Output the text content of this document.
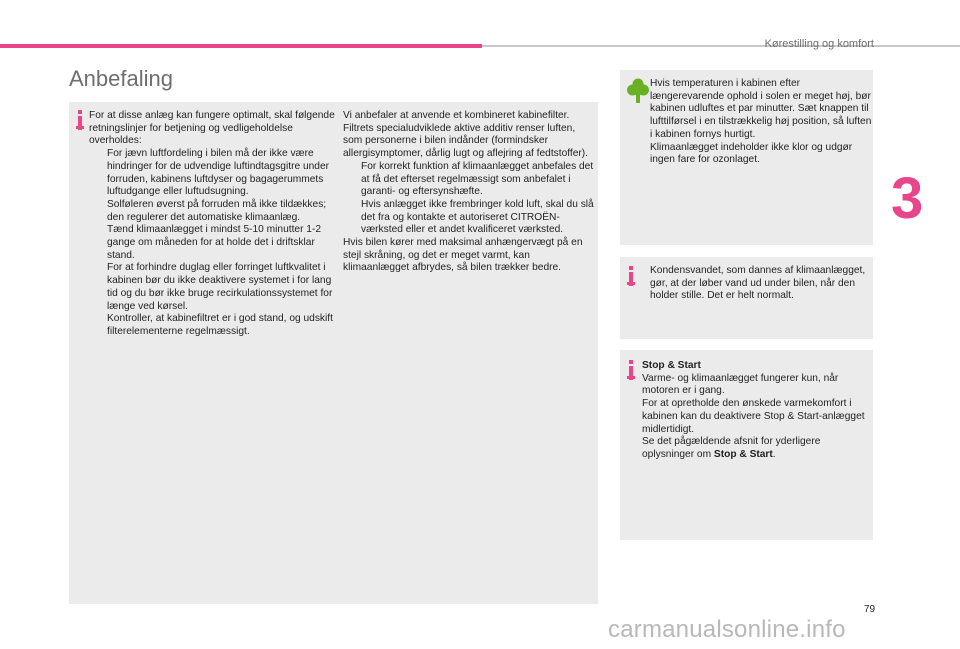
Kørestilling og komfort
3
Anbefaling

For at disse anlæg kan fungere optimalt, skal følgende retningslinjer for betjening og vedligeholdelse overholdes:

For jævn luftfordeling i bilen må der ikke være hindringer for de udvendige luftindtagsgitre under forruden, kabinens luftdyser og bagagerummets luftudgange eller luftudsugning.
Solføleren øverst på forruden må ikke tildækkes; den regulerer det automatiske klimaanlæg.
Tænd klimaanlægget i mindst 5-10 minutter 1-2 gange om måneden for at holde det i driftsklar stand.
For at forhindre duglag eller forringet luftkvalitet i kabinen bør du ikke deaktivere systemet i for lang tid og du bør ikke bruge recirkulationssystemet for længe ved kørsel.
Kontroller, at kabinefiltret er i god stand, og udskift filterelementerne regelmæssigt.

Vi anbefaler at anvende et kombineret kabinefilter. Filtrets specialudviklede aktive additiv renser luften, som personerne i bilen indånder (formindsker allergisymptomer, dårlig lugt og aflejring af fedtstoffer).

For korrekt funktion af klimaanlægget anbefales det at få det efterset regelmæssigt som anbefalet i garanti- og eftersynshæfte.
Hvis anlægget ikke frembringer kold luft, skal du slå det fra og kontakte et autoriseret CITROËN-værksted eller et andet kvalificeret værksted.

Hvis bilen kører med maksimal anhængervægt på en stejl skråning, og det er meget varmt, kan klimaanlægget afbrydes, så bilen trækker bedre.

Hvis temperaturen i kabinen efter længerevarende ophold i solen er meget høj, bør kabinen udluftes et par minutter. Sæt knappen til lufttilførsel i en tilstrækkelig høj position, så luften i kabinen fornys hurtigt.

Klimaanlægget indeholder ikke klor og udgør ingen fare for ozonlaget.

Kondensvandet, som dannes af klimaanlægget, gør, at der løber vand ud under bilen, når den holder stille. Det er helt normalt.

Stop & Start

Varme- og klimaanlægget fungerer kun, når motoren er i gang.

For at opretholde den ønskede varmekomfort i kabinen kan du deaktivere Stop & Start-anlægget midlertidigt.

Se det pågældende afsnit for yderligere oplysninger om Stop & Start.

79
carmanualsonline.info
